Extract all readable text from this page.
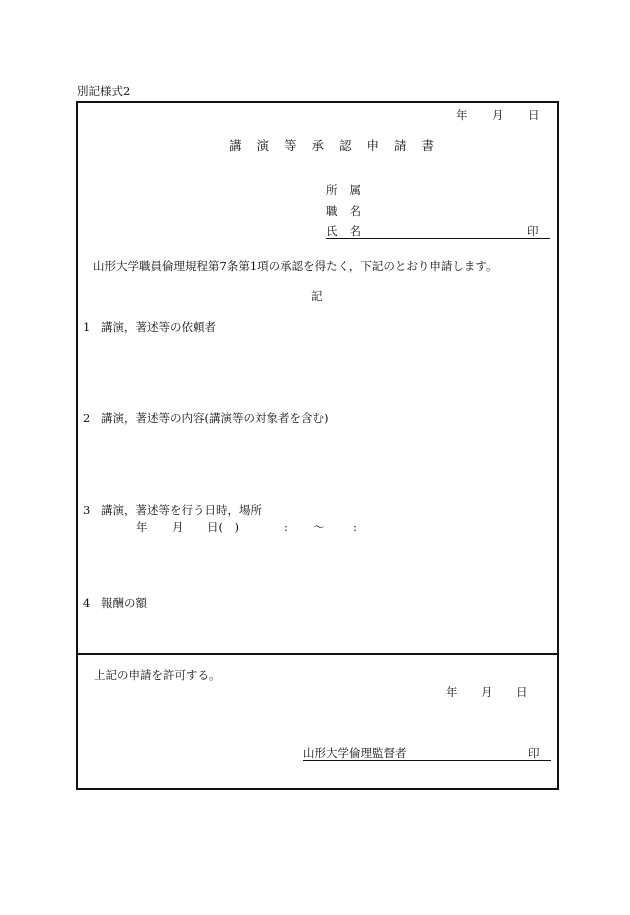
別記様式2
年 月 日
講演等承認申請書
所属
職名
氏名	印
山形大学職員倫理規程第7条第1項の承認を得たく，下記のとおり申請します。
記
1 講演，著述等の依頼者
2 講演，著述等の内容(講演等の対象者を含む)
3 講演，著述等を行う日時，場所
年 月 日(　)	: 〜 :
4 報酬の額
上記の申請を許可する。
年 月 日
山形大学倫理監督者	印
